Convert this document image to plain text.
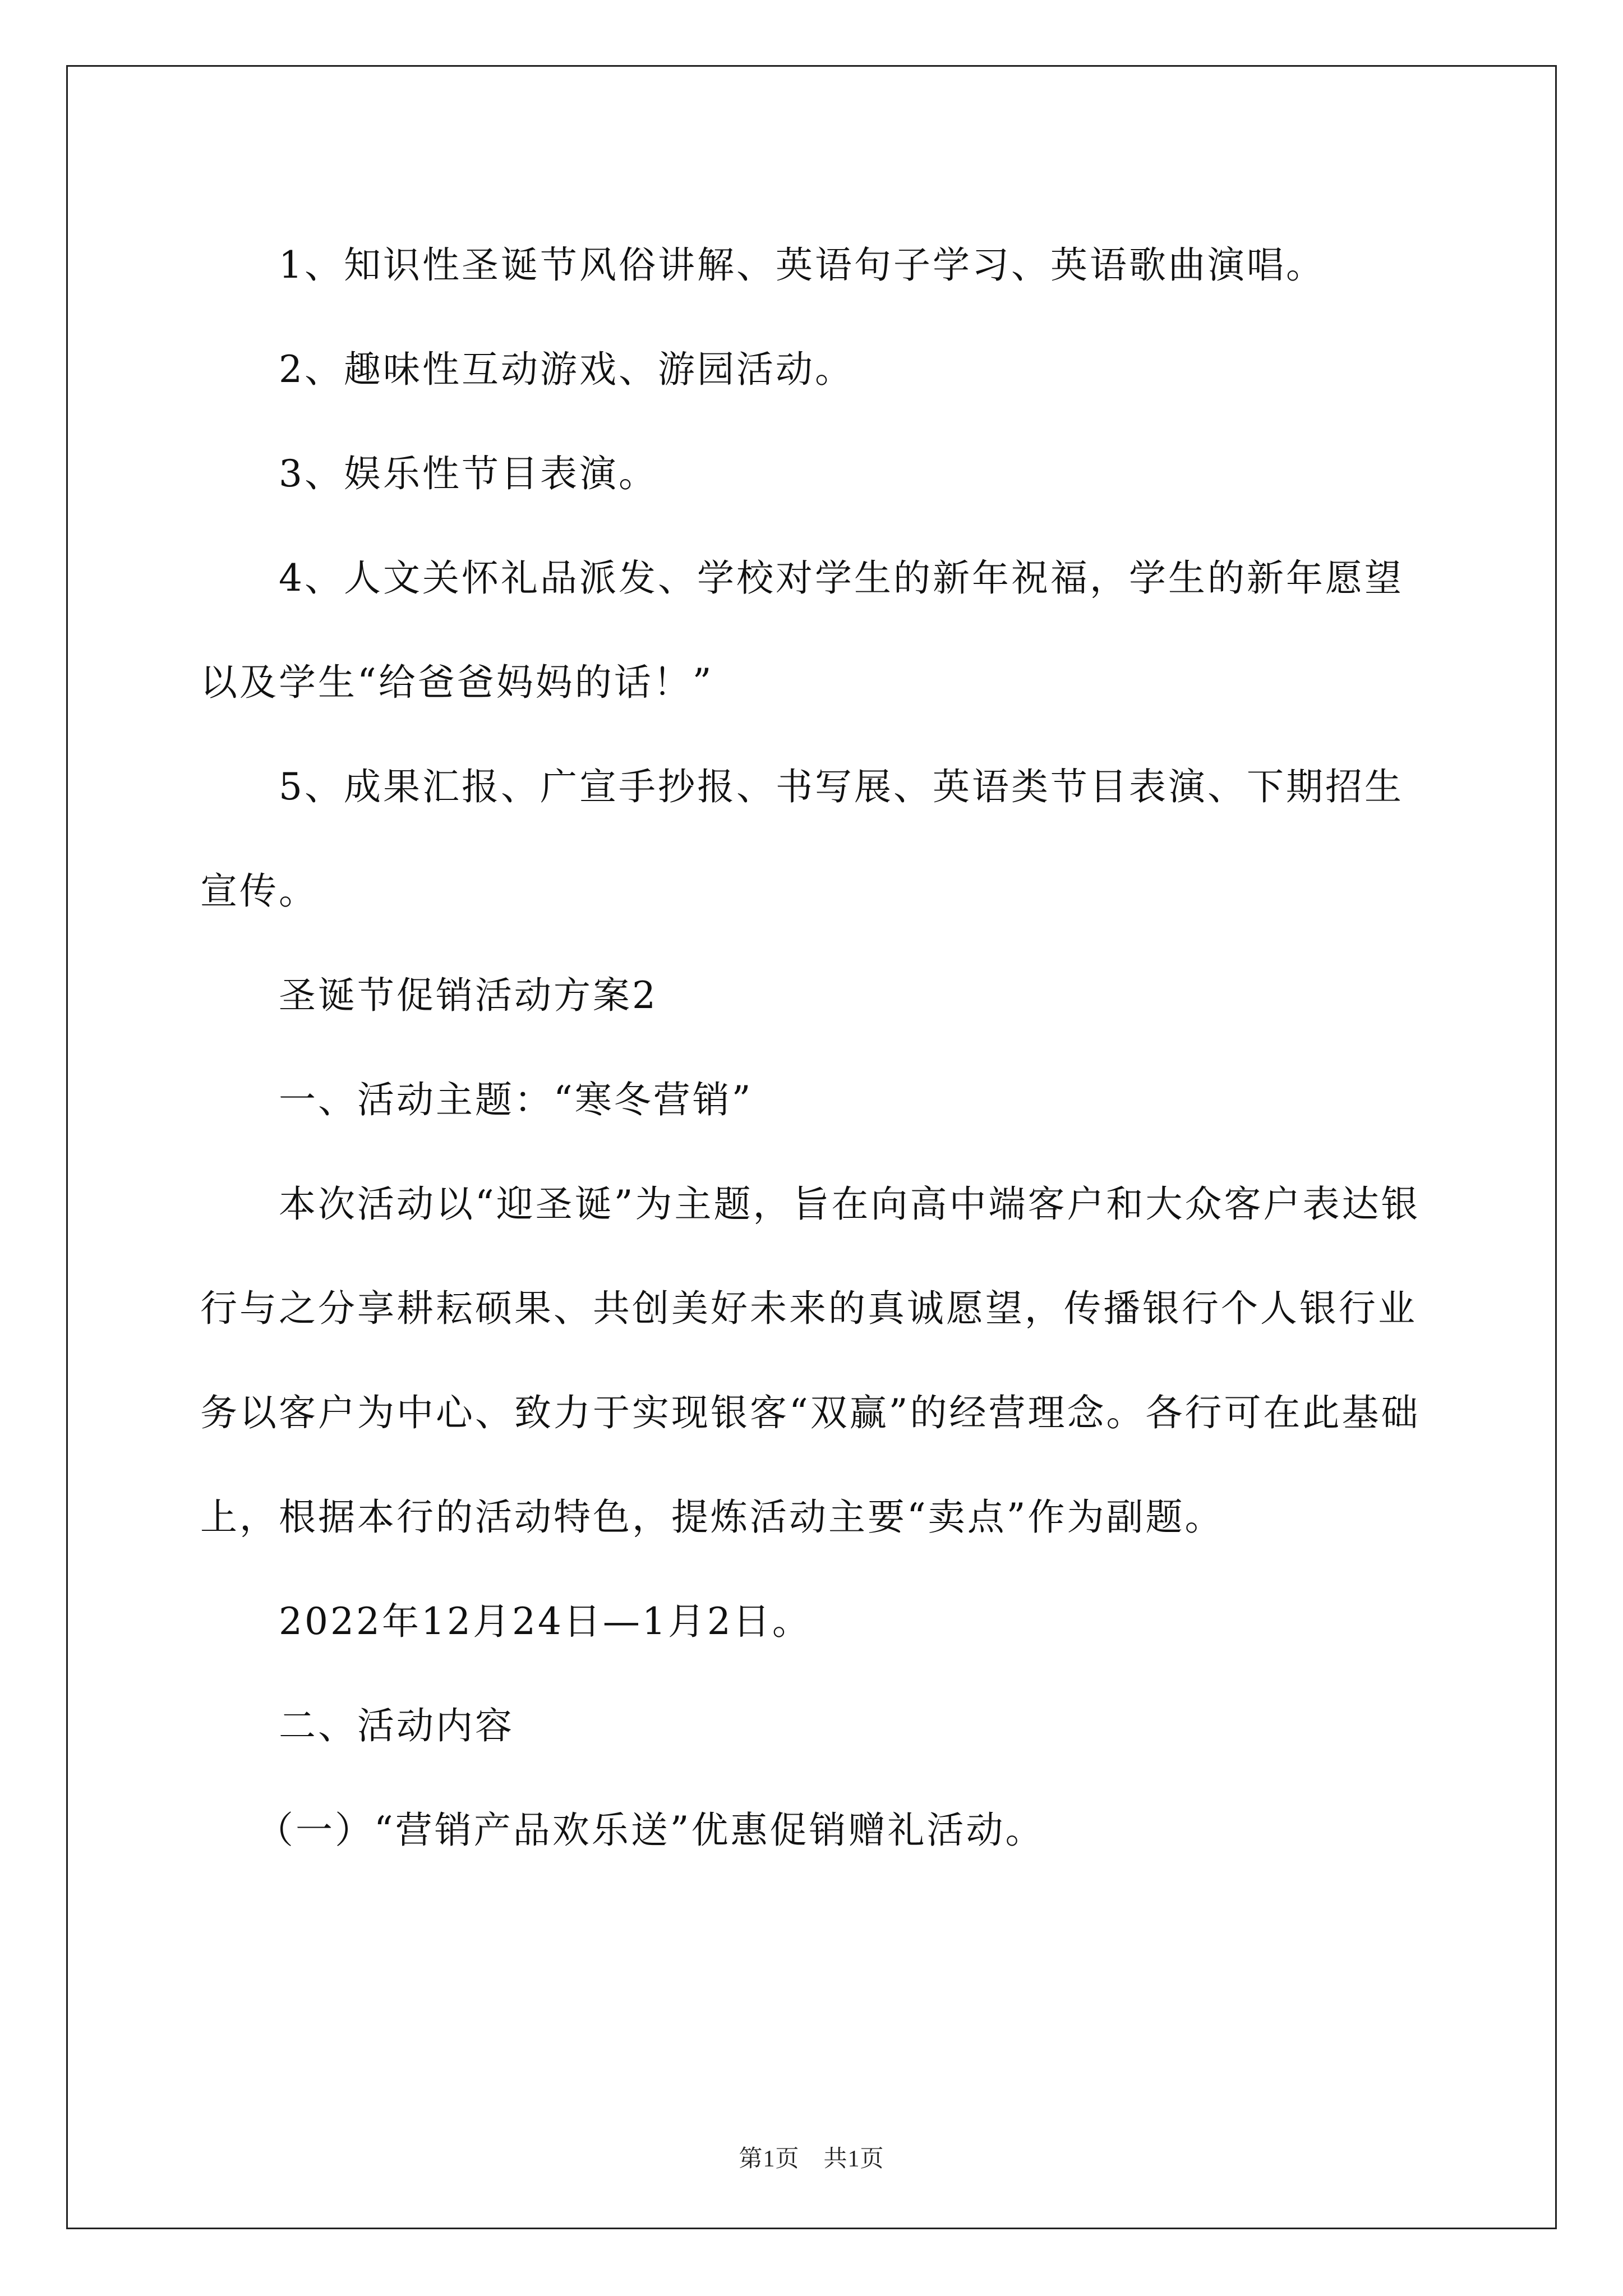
1、知识性圣诞节风俗讲解、英语句子学习、英语歌曲演唱。

2、趣味性互动游戏、游园活动。

3、娱乐性节目表演。

4、人文关怀礼品派发、学校对学生的新年祝福，学生的新年愿望以及学生“给爸爸妈妈的话！”

5、成果汇报、广宣手抄报、书写展、英语类节目表演、下期招生宣传。

圣诞节促销活动方案2

一、活动主题：“寒冬营销”

本次活动以“迎圣诞”为主题，旨在向高中端客户和大众客户表达银行与之分享耕耘硕果、共创美好未来的真诚愿望，传播银行个人银行业务以客户为中心、致力于实现银客“双赢”的经营理念。各行可在此基础上，根据本行的活动特色，提炼活动主要“卖点”作为副题。

2022年12月24日—1月2日。

二、活动内容

（一）“营销产品欢乐送”优惠促销赠礼活动。

第1页　共1页
